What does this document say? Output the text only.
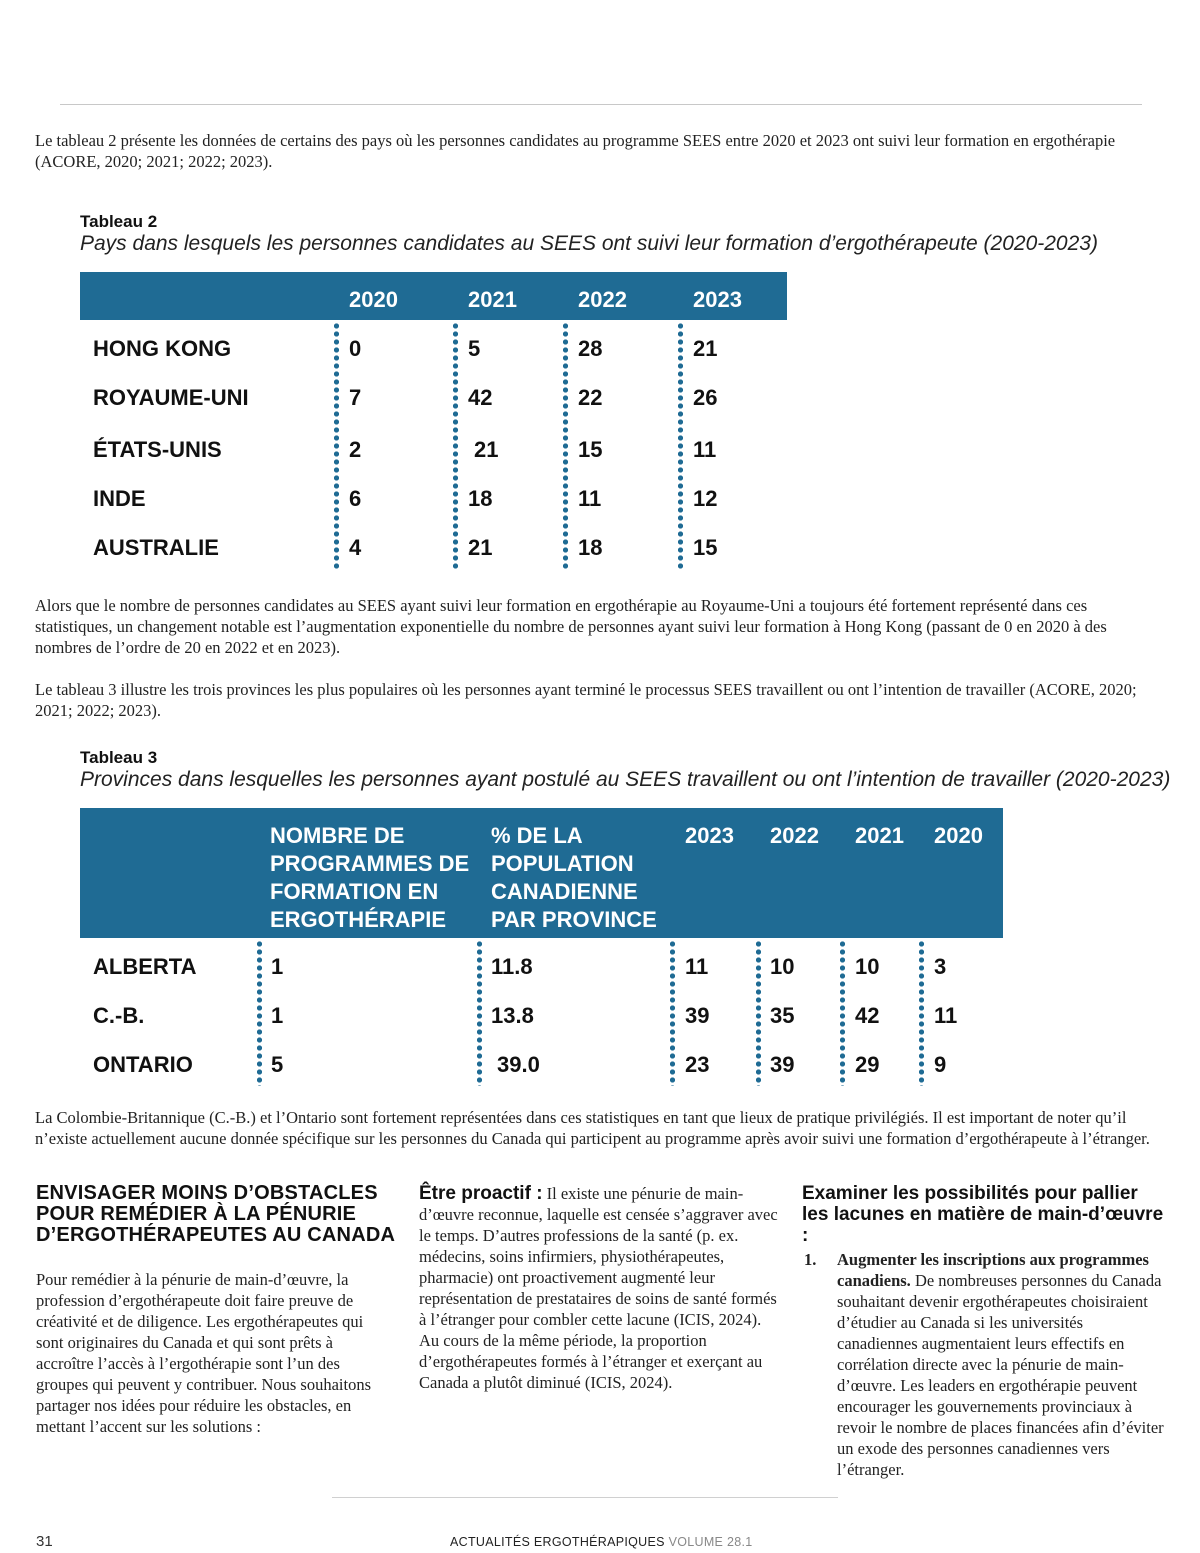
Le tableau 2 présente les données de certains des pays où les personnes candidates au programme SEES entre 2020 et 2023 ont suivi leur formation en ergothérapie (ACORE, 2020; 2021; 2022; 2023).

Tableau 2
Pays dans lesquels les personnes candidates au SEES ont suivi leur formation d’ergothérapeute (2020-2023)
2020	2021	2022	2023
HONG KONG	0	5	28	21
ROYAUME-UNI	7	42	22	26
ÉTATS-UNIS	2	21	15	11
INDE	6	18	11	12
AUSTRALIE	4	21	18	15

Alors que le nombre de personnes candidates au SEES ayant suivi leur formation en ergothérapie au Royaume-Uni a toujours été fortement représenté dans ces statistiques, un changement notable est l’augmentation exponentielle du nombre de personnes ayant suivi leur formation à Hong Kong (passant de 0 en 2020 à des nombres de l’ordre de 20 en 2022 et en 2023).

Le tableau 3 illustre les trois provinces les plus populaires où les personnes ayant terminé le processus SEES travaillent ou ont l’intention de travailler (ACORE, 2020; 2021; 2022; 2023).

Tableau 3
Provinces dans lesquelles les personnes ayant postulé au SEES travaillent ou ont l’intention de travailler (2020-2023)
NOMBRE DE
PROGRAMMES DE
FORMATION EN
ERGOTHÉRAPIE
% DE LA
POPULATION
CANADIENNE
PAR PROVINCE
2023 2022 2021 2020
ALBERTA	1	11.8	11	10	10 3
C.-B.	1	13.8	39	35	42 11
ONTARIO	5	39.0	23	39	29 9

La Colombie-Britannique (C.-B.) et l’Ontario sont fortement représentées dans ces statistiques en tant que lieux de pratique privilégiés. Il est important de noter qu’il n’existe actuellement aucune donnée spécifique sur les personnes du Canada qui participent au programme après avoir suivi une formation d’ergothérapeute à l’étranger.

ENVISAGER MOINS D’OBSTACLES POUR REMÉDIER À LA PÉNURIE D’ERGOTHÉRAPEUTES AU CANADA

Pour remédier à la pénurie de main-d’œuvre, la profession d’ergothérapeute doit faire preuve de créativité et de diligence. Les ergothérapeutes qui sont originaires du Canada et qui sont prêts à accroître l’accès à l’ergothérapie sont l’un des groupes qui peuvent y contribuer. Nous souhaitons partager nos idées pour réduire les obstacles, en mettant l’accent sur les solutions :

Être proactif : Il existe une pénurie de main-d’œuvre reconnue, laquelle est censée s’aggraver avec le temps. D’autres professions de la santé (p. ex. médecins, soins infirmiers, physiothérapeutes, pharmacie) ont proactivement augmenté leur représentation de prestataires de soins de santé formés à l’étranger pour combler cette lacune (ICIS, 2024). Au cours de la même période, la proportion d’ergothérapeutes formés à l’étranger et exerçant au Canada a plutôt diminué (ICIS, 2024).

Examiner les possibilités pour pallier les lacunes en matière de main-d’œuvre :
1. Augmenter les inscriptions aux programmes canadiens. De nombreuses personnes du Canada souhaitant devenir ergothérapeutes choisiraient d’étudier au Canada si les universités canadiennes augmentaient leurs effectifs en corrélation directe avec la pénurie de main-d’œuvre. Les leaders en ergothérapie peuvent encourager les gouvernements provinciaux à revoir le nombre de places financées afin d’éviter un exode des personnes canadiennes vers l’étranger.

31	ACTUALITÉS ERGOTHÉRAPIQUES VOLUME 28.1
